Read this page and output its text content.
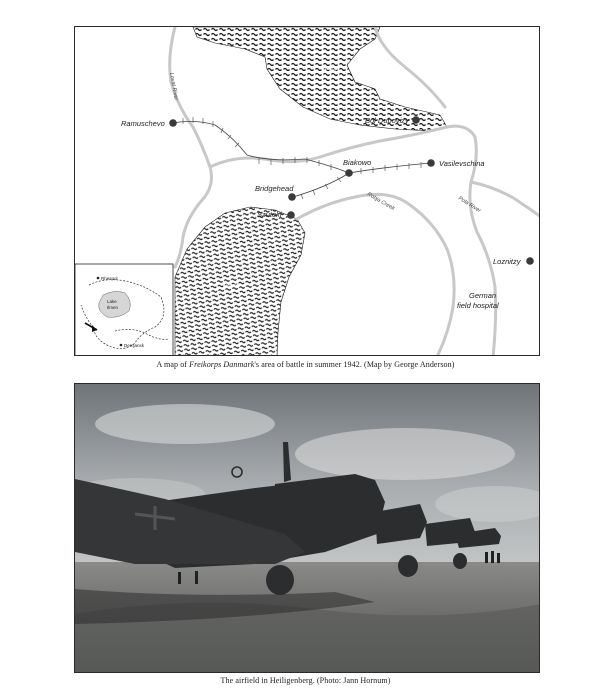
Ramuschevo	Bol Dubovizy
Biakowo	Vasilevschina
Bridgehead
Szutoki
Loznitzy
German
field hospital
Lovat River
Robja Creek	Pola River
Swamp
Swamp
Rhespol
Lake
Ilmen
Demjansk
A map of Freikorps Danmark's area of battle in summer 1942. (Map by George Anderson)
The airfield in Heiligenberg. (Photo: Jann Hornum)
